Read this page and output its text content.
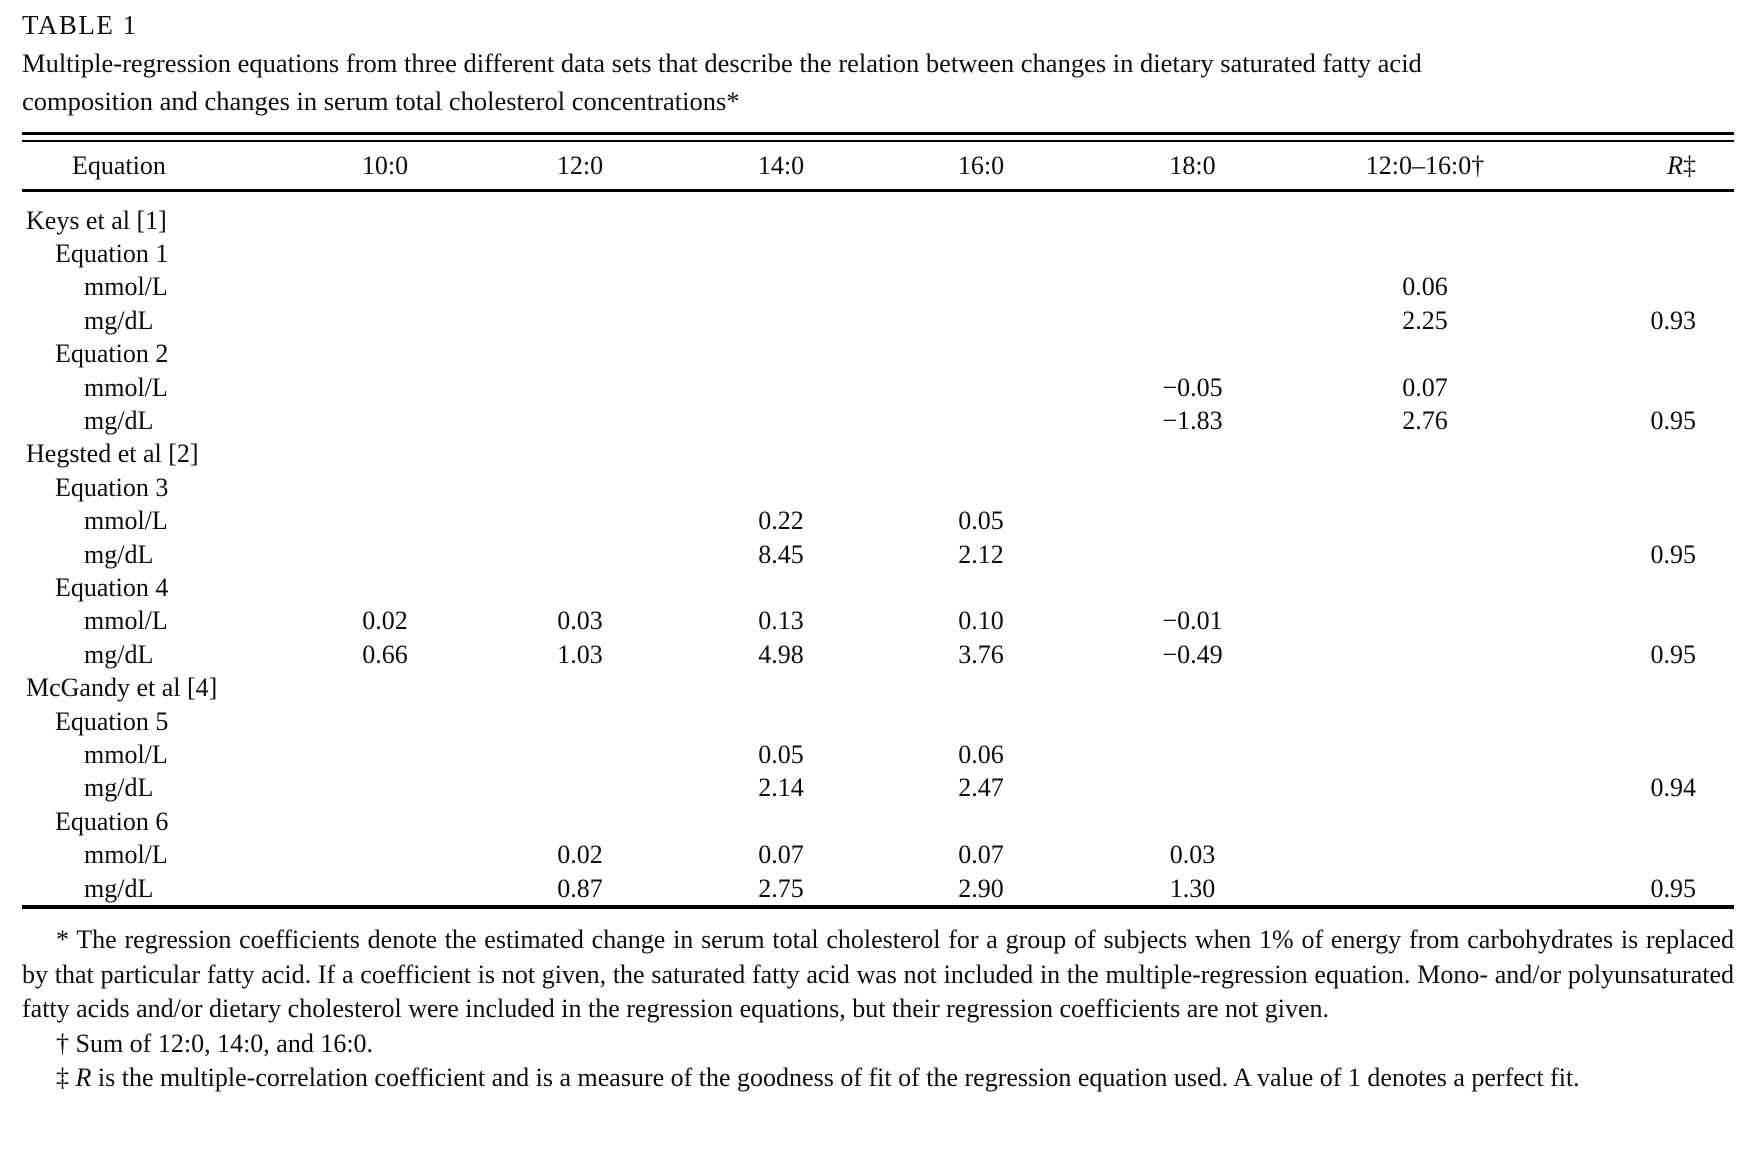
TABLE 1
Multiple-regression equations from three different data sets that describe the relation between changes in dietary saturated fatty acid composition and changes in serum total cholesterol concentrations*
Equation	10:0	12:0	14:0	16:0	18:0	12:0–16:0†	R‡
Keys et al [1]							
Equation 1							
mmol/L						0.06	
mg/dL						2.25	0.93
Equation 2							
mmol/L					−0.05	0.07	
mg/dL					−1.83	2.76	0.95
Hegsted et al [2]							
Equation 3							
mmol/L			0.22	0.05			
mg/dL			8.45	2.12			0.95
Equation 4							
mmol/L	0.02	0.03	0.13	0.10	−0.01		
mg/dL	0.66	1.03	4.98	3.76	−0.49		0.95
McGandy et al [4]							
Equation 5							
mmol/L			0.05	0.06			
mg/dL			2.14	2.47			0.94
Equation 6							
mmol/L		0.02	0.07	0.07	0.03		
mg/dL		0.87	2.75	2.90	1.30		0.95

* The regression coefficients denote the estimated change in serum total cholesterol for a group of subjects when 1% of energy from carbohydrates is replaced by that particular fatty acid. If a coefficient is not given, the saturated fatty acid was not included in the multiple-regression equation. Mono- and/or polyunsaturated fatty acids and/or dietary cholesterol were included in the regression equations, but their regression coefficients are not given.

† Sum of 12:0, 14:0, and 16:0.

‡ R is the multiple-correlation coefficient and is a measure of the goodness of fit of the regression equation used. A value of 1 denotes a perfect fit.
